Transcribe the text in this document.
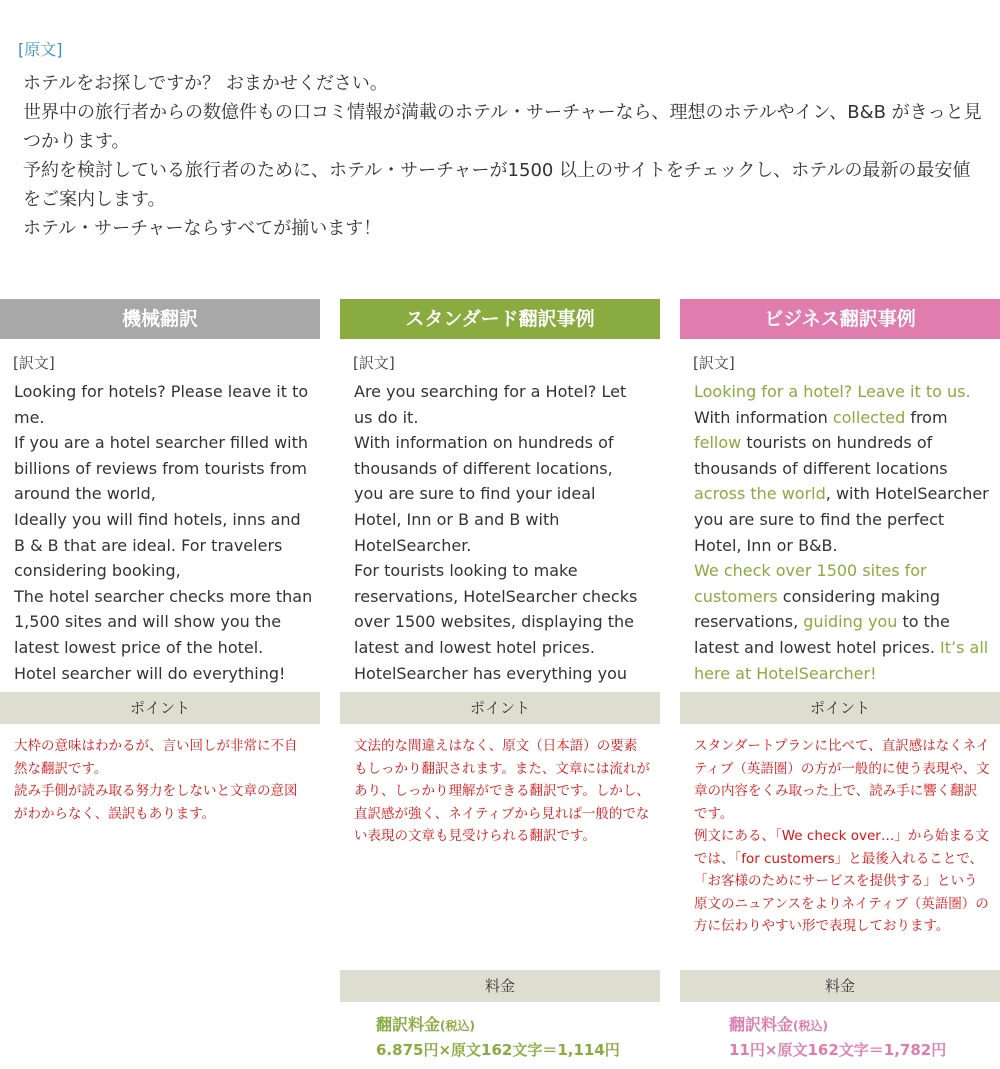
[原文]

ホテルをお探しですか？ おまかせください。

世界中の旅行者からの数億件もの口コミ情報が満載のホテル・サーチャーなら、理想のホテルやイン、B&B がきっと見つかります。

予約を検討している旅行者のために、ホテル・サーチャーが1500 以上のサイトをチェックし、ホテルの最新の最安値をご案内します。

ホテル・サーチャーならすべてが揃います！

機械翻訳
[訳文]

Looking for hotels? Please leave it to me.

If you are a hotel searcher filled with billions of reviews from tourists from around the world,

Ideally you will find hotels, inns and B & B that are ideal. For travelers considering booking,

The hotel searcher checks more than 1,500 sites and will show you the latest lowest price of the hotel.

Hotel searcher will do everything!

ポイント

大枠の意味はわかるが、言い回しが非常に不自然な翻訳です。

読み手側が読み取る努力をしないと文章の意図がわからなく、誤訳もあります。

スタンダード翻訳事例
[訳文]

Are you searching for a Hotel? Let us do it.

With information on hundreds of thousands of different locations,

you are sure to find your ideal Hotel, Inn or B and B with HotelSearcher.

For tourists looking to make reservations, HotelSearcher checks over 1500 websites, displaying the latest and lowest hotel prices.

HotelSearcher has everything you

ポイント

文法的な間違えはなく、原文（日本語）の要素もしっかり翻訳されます。また、文章には流れがあり、しっかり理解ができる翻訳です。しかし、直訳感が強く、ネイティブから見れば一般的でない表現の文章も見受けられる翻訳です。

料金
翻訳料金(税込)
6.875円×原文162文字＝1,114円
ビジネス翻訳事例
[訳文]

Looking for a hotel? Leave it to us.

With information collected from fellow tourists on hundreds of thousands of different locations across the world, with HotelSearcher you are sure to find the perfect Hotel, Inn or B&B.

We check over 1500 sites for customers considering making reservations, guiding you to the latest and lowest hotel prices. It’s all here at HotelSearcher!

ポイント

スタンダートプランに比べて、直訳感はなくネイティブ（英語圏）の方が一般的に使う表現や、文章の内容をくみ取った上で、読み手に響く翻訳です。

例文にある、「We check over…」から始まる文では、「for customers」と最後入れることで、「お客様のためにサービスを提供する」という原文のニュアンスをよりネイティブ（英語圏）の方に伝わりやすい形で表現しております。

料金
翻訳料金(税込)
11円×原文162文字＝1,782円
